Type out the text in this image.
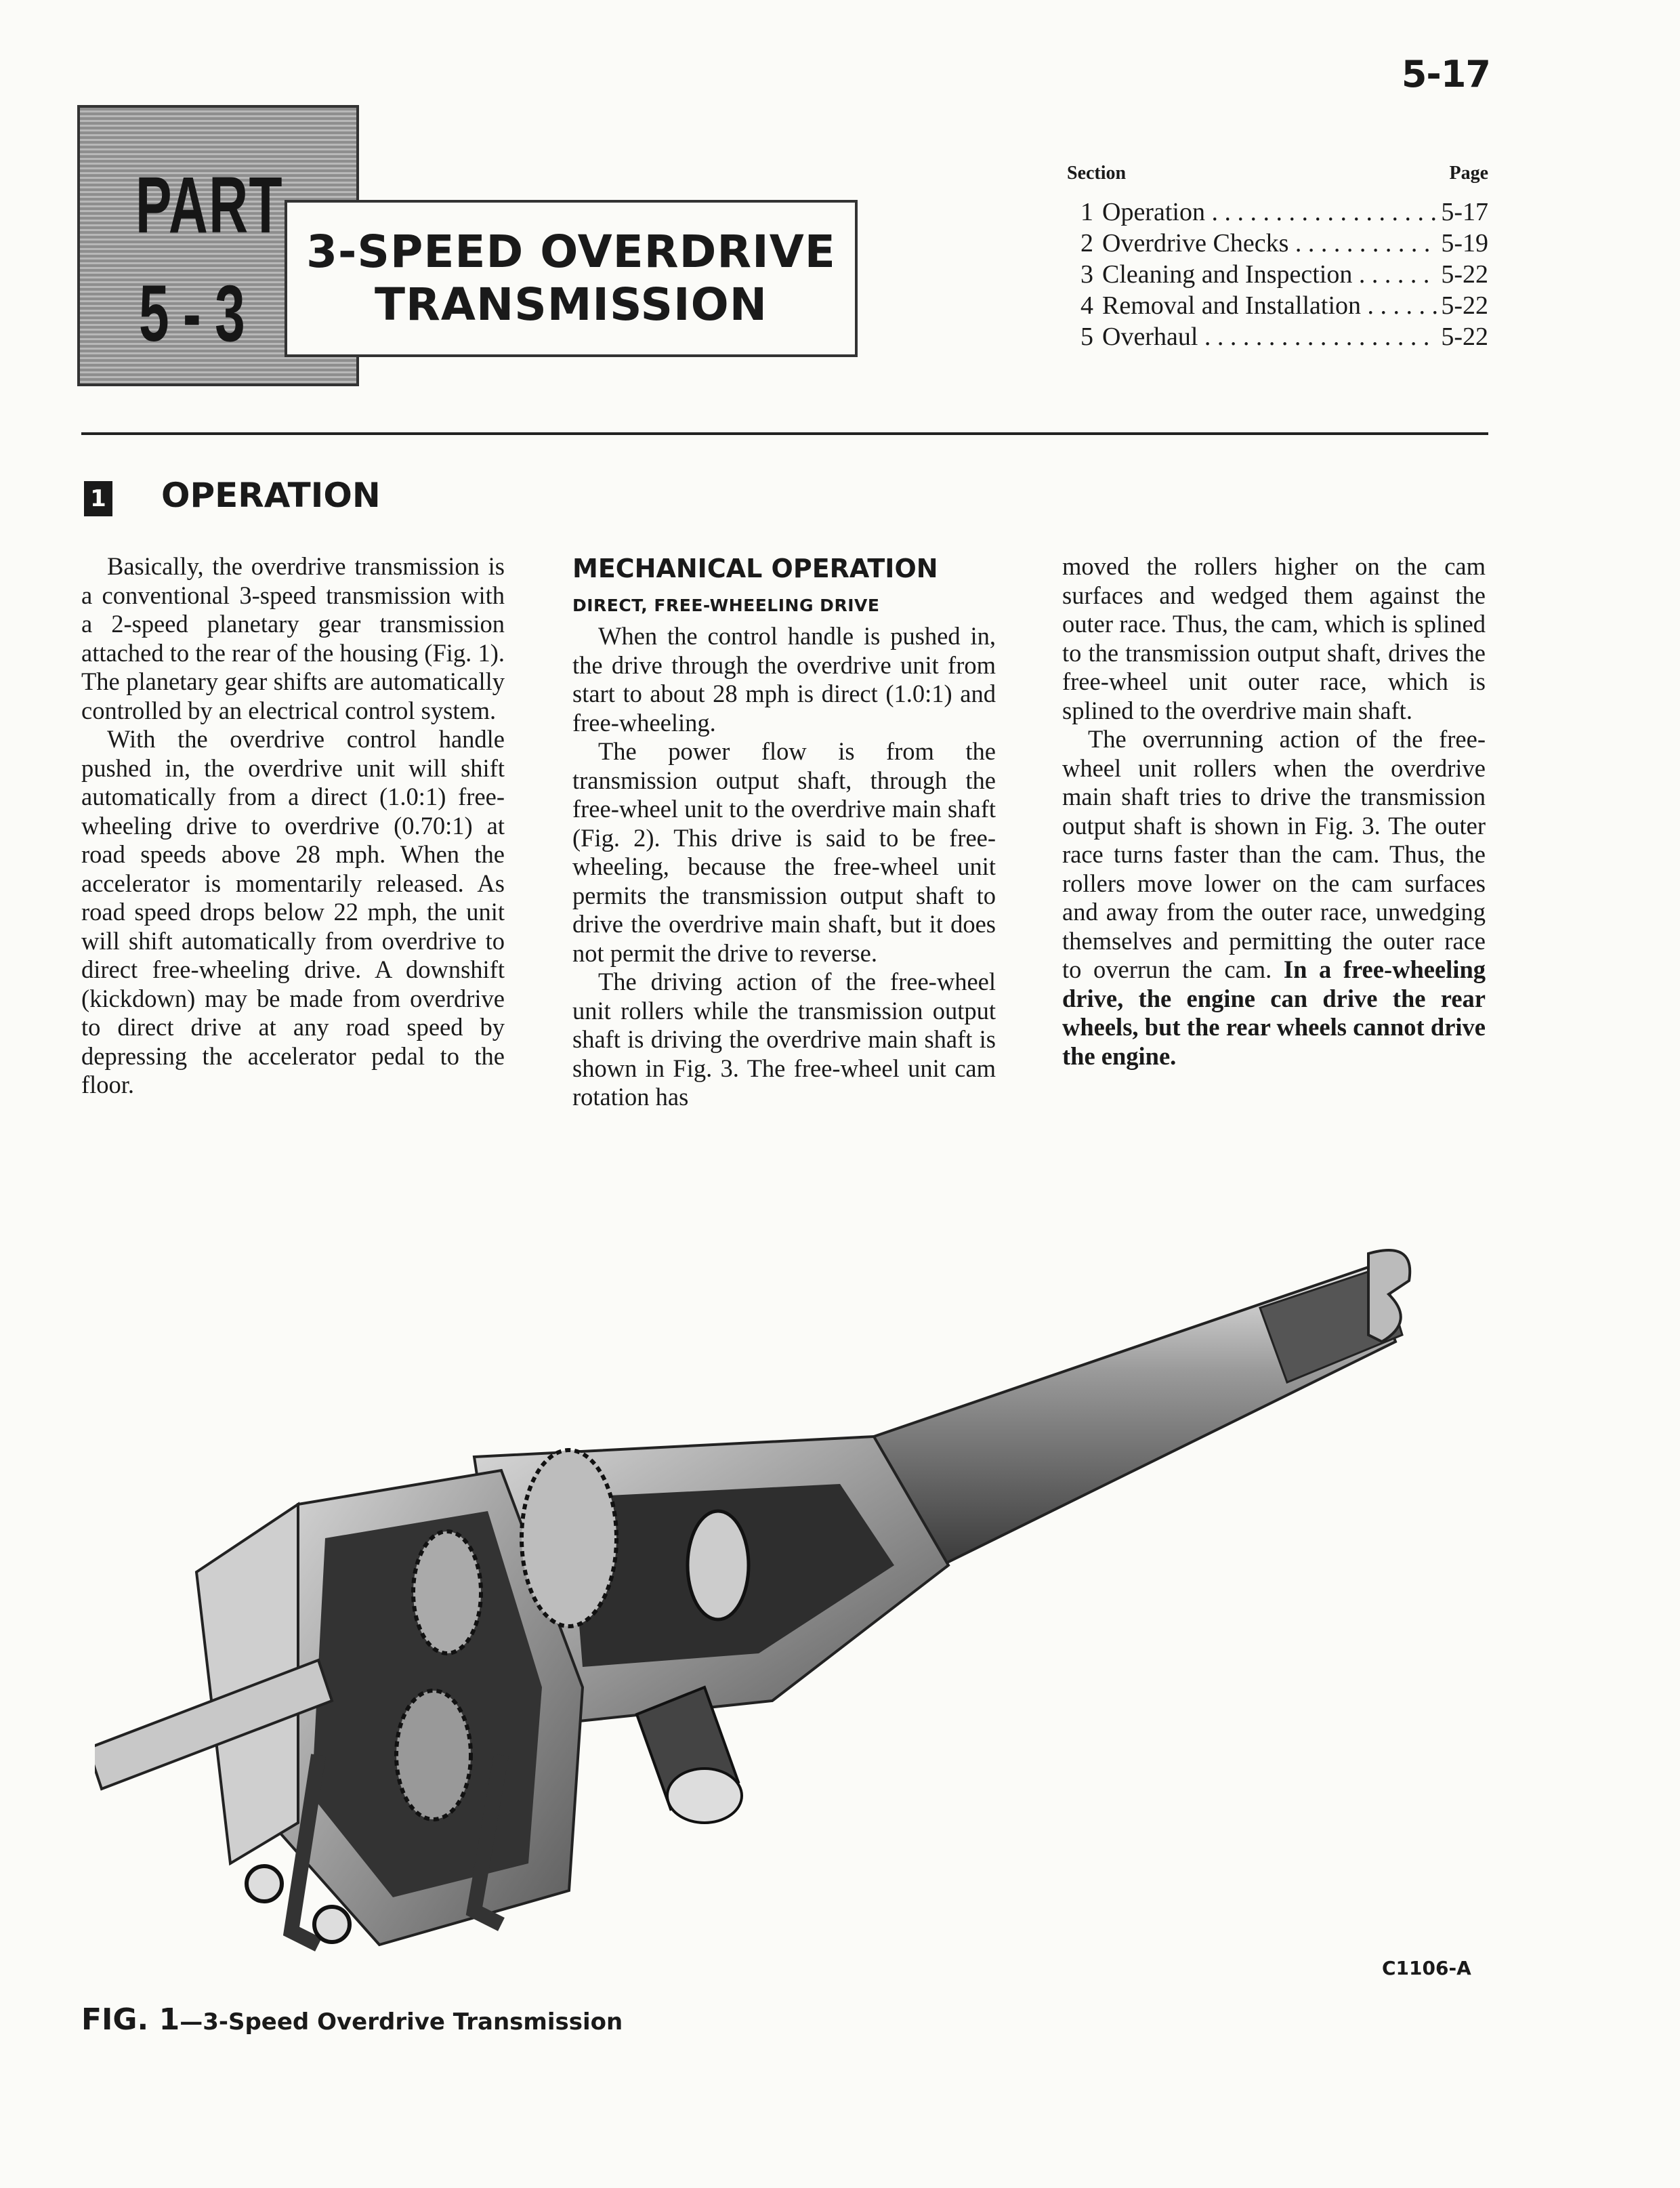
5-17
PART
5-3
3-SPEED OVERDRIVE
TRANSMISSION
Section	Page
1 Operation . . .	5-17
2 Overdrive Checks . . .	5-19
3 Cleaning and Inspection . . .	5-22
4 Removal and Installation . . .	5-22
5 Overhaul . . .	5-22
1 OPERATION

Basically, the overdrive transmission is a conventional 3-speed transmission with a 2-speed planetary gear transmission attached to the rear of the housing (Fig. 1). The planetary gear shifts are automatically controlled by an electrical control system.

With the overdrive control handle pushed in, the overdrive unit will shift automatically from a direct (1.0:1) free-wheeling drive to overdrive (0.70:1) at road speeds above 28 mph. When the accelerator is momentarily released. As road speed drops below 22 mph, the unit will shift automatically from overdrive to direct free-wheeling drive. A downshift (kickdown) may be made from overdrive to direct drive at any road speed by depressing the accelerator pedal to the floor.

MECHANICAL OPERATION
DIRECT, FREE-WHEELING DRIVE

When the control handle is pushed in, the drive through the overdrive unit from start to about 28 mph is direct (1.0:1) and free-wheeling.

The power flow is from the transmission output shaft, through the free-wheel unit to the overdrive main shaft (Fig. 2). This drive is said to be free-wheeling, because the free-wheel unit permits the transmission output shaft to drive the overdrive main shaft, but it does not permit the drive to reverse.

The driving action of the free-wheel unit rollers while the transmission output shaft is driving the overdrive main shaft is shown in Fig. 3. The free-wheel unit cam rotation has

moved the rollers higher on the cam surfaces and wedged them against the outer race. Thus, the cam, which is splined to the transmission output shaft, drives the free-wheel unit outer race, which is splined to the overdrive main shaft.

The overrunning action of the free-wheel unit rollers when the overdrive main shaft tries to drive the transmission output shaft is shown in Fig. 3. The outer race turns faster than the cam. Thus, the rollers move lower on the cam surfaces and away from the outer race, unwedging themselves and permitting the outer race to overrun the cam. In a free-wheeling drive, the engine can drive the rear wheels, but the rear wheels cannot drive the engine.

C1106-A
FIG. 1—3-Speed Overdrive Transmission
